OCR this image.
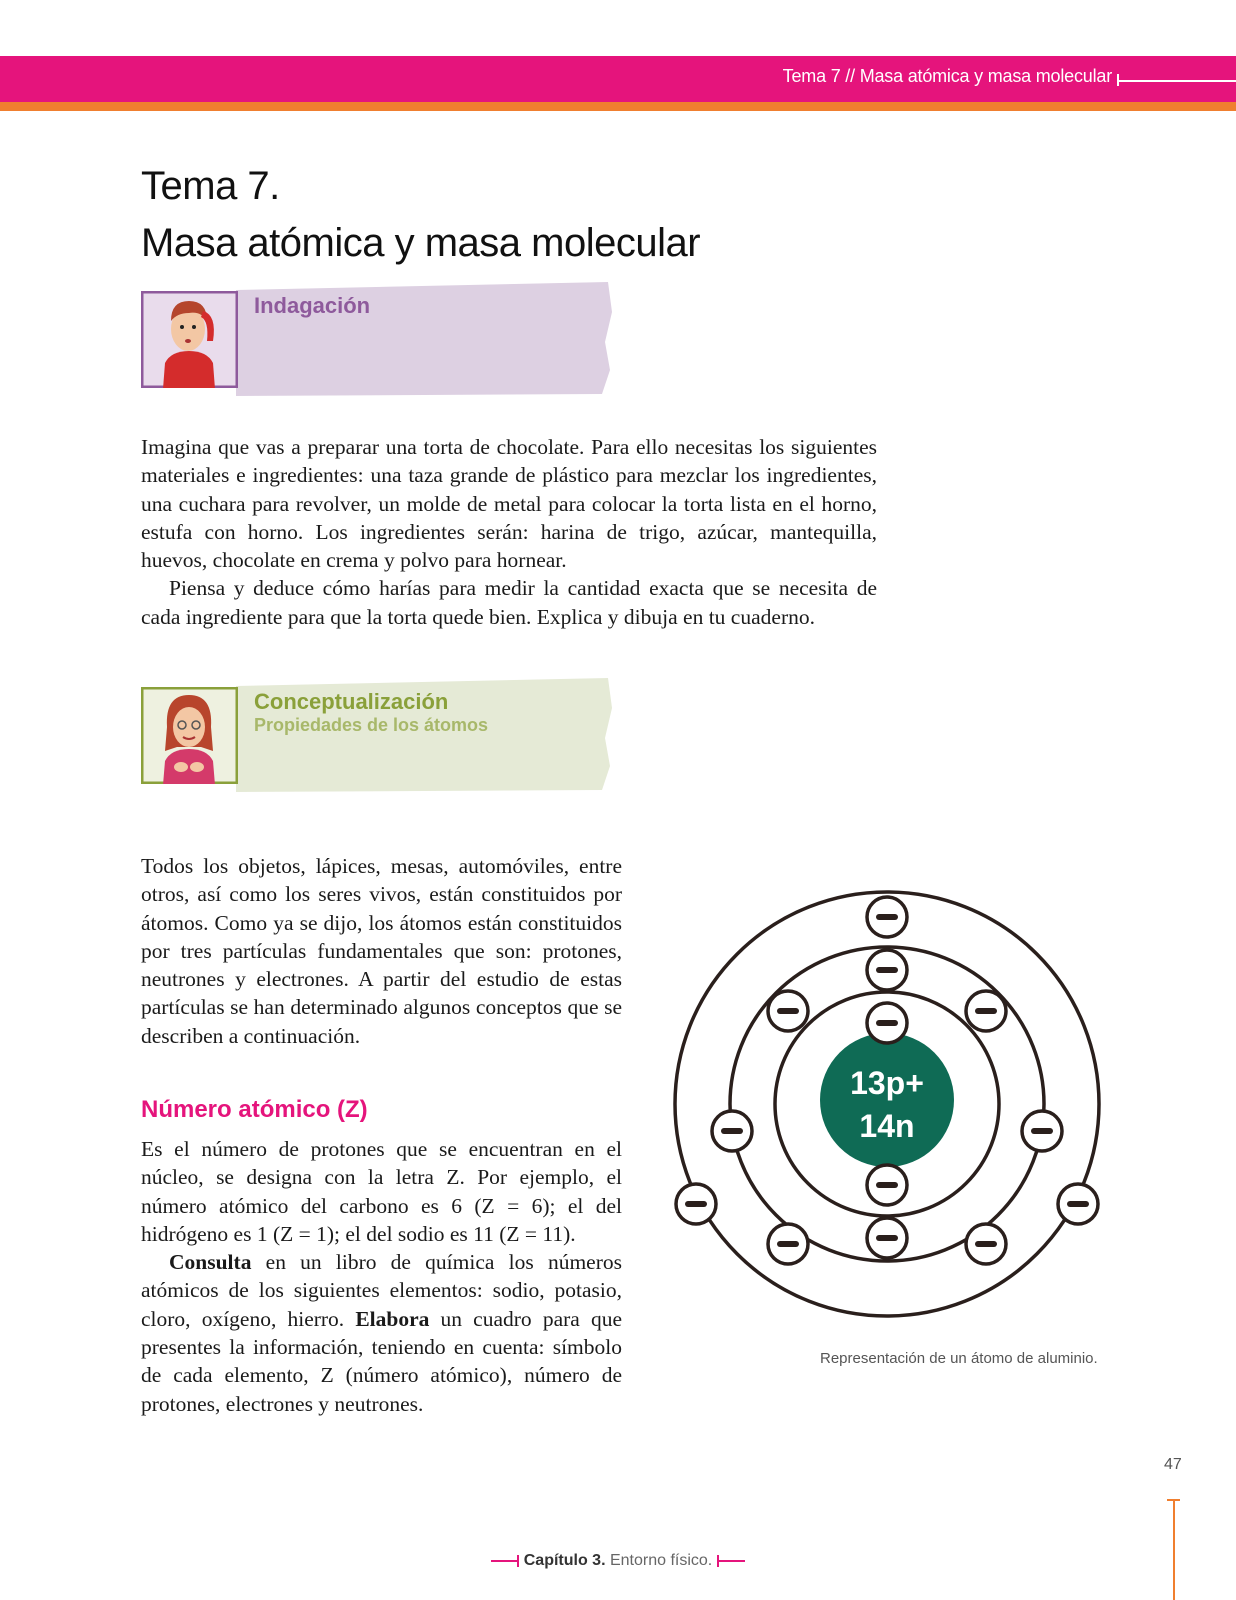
Tema 7 // Masa atómica y masa molecular
Tema 7.
Masa atómica y masa molecular
Indagación

Imagina que vas a preparar una torta de chocolate. Para ello necesitas los siguientes materiales e ingredientes: una taza grande de plástico para mezclar los ingredientes, una cuchara para revolver, un molde de metal para colocar la torta lista en el horno, estufa con horno. Los ingredientes serán: harina de trigo, azúcar, mantequilla, huevos, chocolate en crema y polvo para hornear.

Piensa y deduce cómo harías para medir la cantidad exacta que se necesita de cada ingrediente para que la torta quede bien. Explica y dibuja en tu cuaderno.

Conceptualización
Propiedades de los átomos

Todos los objetos, lápices, mesas, automóviles, entre otros, así como los seres vivos, están constituidos por átomos. Como ya se dijo, los átomos están constituidos por tres partículas fundamentales que son: protones, neutrones y electrones. A partir del estudio de estas partículas se han determinado algunos conceptos que se describen a continuación.

Número atómico (Z)

Es el número de protones que se encuentran en el núcleo, se designa con la letra Z. Por ejemplo, el número atómico del carbono es 6 (Z = 6); el del hidrógeno es 1 (Z = 1); el del sodio es 11 (Z = 11).

Consulta en un libro de química los números atómicos de los siguientes elementos: sodio, potasio, cloro, oxígeno, hierro. Elabora un cuadro para que presentes la información, teniendo en cuenta: símbolo de cada elemento, Z (número atómico), número de protones, electrones y neutrones.

13p+
14n
Representación de un átomo de aluminio.
47
Capítulo 3. Entorno físico.
